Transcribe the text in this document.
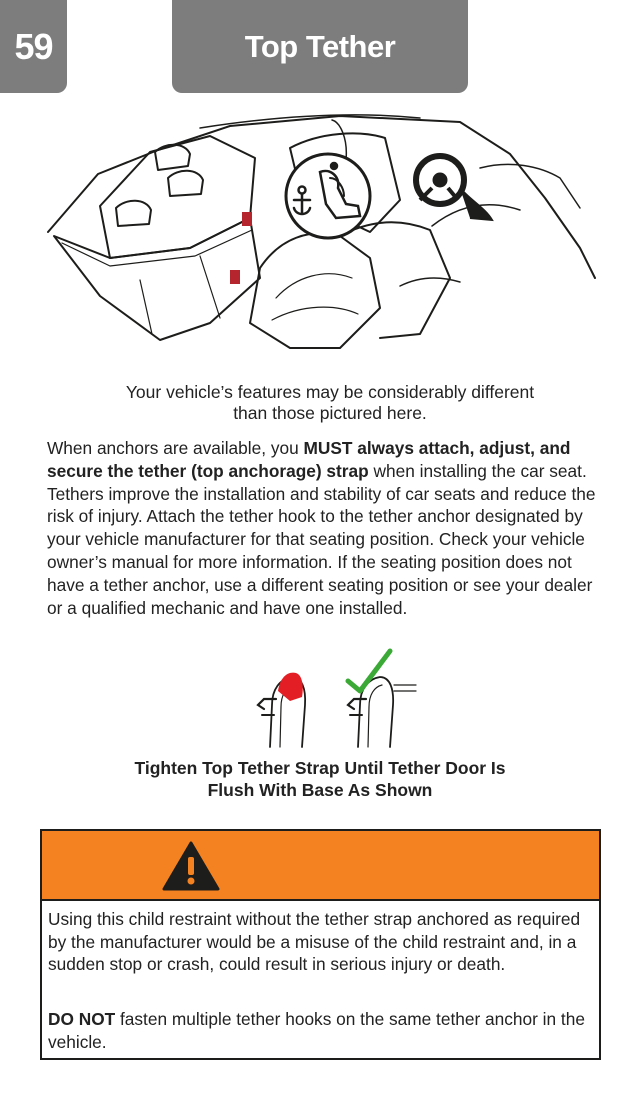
59	Top Tether
Your vehicle’s features may be considerably different
than those pictured here.
When anchors are available, you MUST always attach, adjust, and secure the tether (top anchorage) strap when installing the car seat. Tethers improve the installation and stability of car seats and reduce the risk of injury. Attach the tether hook to the tether anchor designated by your vehicle manufacturer for that seating position. Check your vehicle owner’s manual for more information. If the seating position does not have a tether anchor, use a different seating position or see your dealer or a qualified mechanic and have one installed.
Tighten Top Tether Strap Until Tether Door Is
Flush With Base As Shown
Using this child restraint without the tether strap anchored as required by the manufacturer would be a misuse of the child restraint and, in a sudden stop or crash, could result in serious injury or death.
DO NOT fasten multiple tether hooks on the same tether anchor in the vehicle.
